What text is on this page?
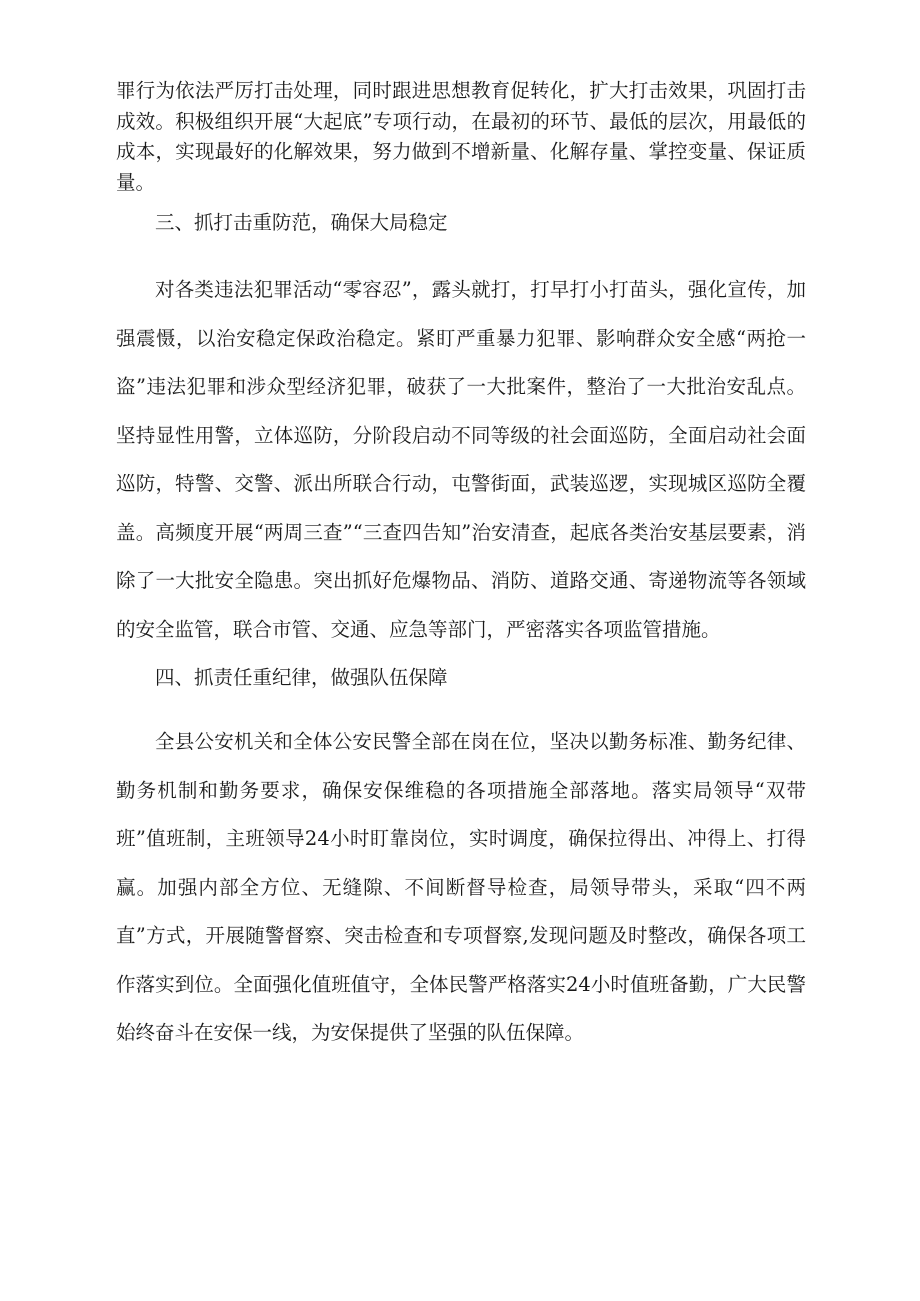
罪行为依法严厉打击处理，同时跟进思想教育促转化，扩大打击效果，巩固打击成效。积极组织开展“大起底”专项行动，在最初的环节、最低的层次，用最低的成本，实现最好的化解效果，努力做到不增新量、化解存量、掌控变量、保证质量。

三、抓打击重防范，确保大局稳定

对各类违法犯罪活动“零容忍”，露头就打，打早打小打苗头，强化宣传，加强震慑，以治安稳定保政治稳定。紧盯严重暴力犯罪、影响群众安全感“两抢一盗”违法犯罪和涉众型经济犯罪，破获了一大批案件，整治了一大批治安乱点。坚持显性用警，立体巡防，分阶段启动不同等级的社会面巡防，全面启动社会面巡防，特警、交警、派出所联合行动，屯警街面，武装巡逻，实现城区巡防全覆盖。高频度开展“两周三查”“三查四告知”治安清查，起底各类治安基层要素，消除了一大批安全隐患。突出抓好危爆物品、消防、道路交通、寄递物流等各领域的安全监管，联合市管、交通、应急等部门，严密落实各项监管措施。

四、抓责任重纪律，做强队伍保障

全县公安机关和全体公安民警全部在岗在位，坚决以勤务标准、勤务纪律、勤务机制和勤务要求，确保安保维稳的各项措施全部落地。落实局领导“双带班”值班制，主班领导24小时盯靠岗位，实时调度，确保拉得出、冲得上、打得赢。加强内部全方位、无缝隙、不间断督导检查，局领导带头，采取“四不两直”方式，开展随警督察、突击检查和专项督察,发现问题及时整改，确保各项工作落实到位。全面强化值班值守，全体民警严格落实24小时值班备勤，广大民警始终奋斗在安保一线，为安保提供了坚强的队伍保障。
